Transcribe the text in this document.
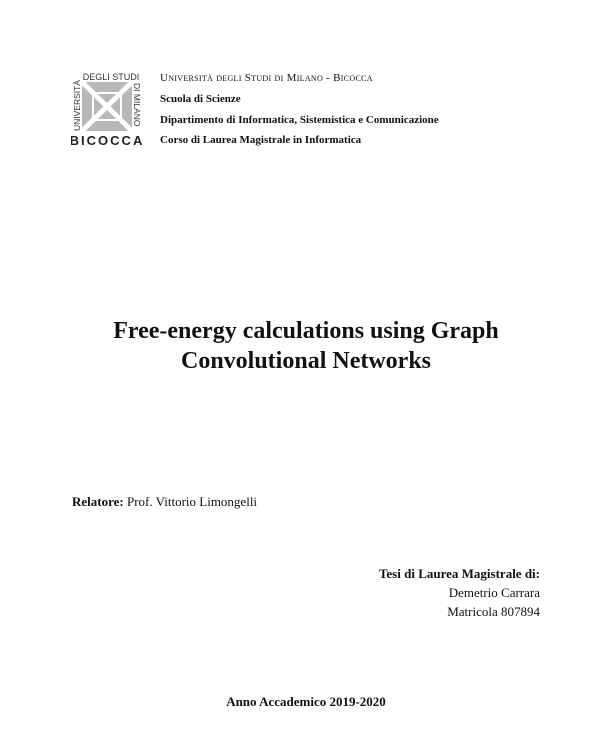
DEGLI STUDI
UNIVERSITÀ	DI MILANO
BICOCCA
Università degli Studi di Milano - Bicocca
Scuola di Scienze
Dipartimento di Informatica, Sistemistica e Comunicazione
Corso di Laurea Magistrale in Informatica
Free-energy calculations using Graph
Convolutional Networks
Relatore: Prof. Vittorio Limongelli
Tesi di Laurea Magistrale di:
Demetrio Carrara
Matricola 807894
Anno Accademico 2019-2020
